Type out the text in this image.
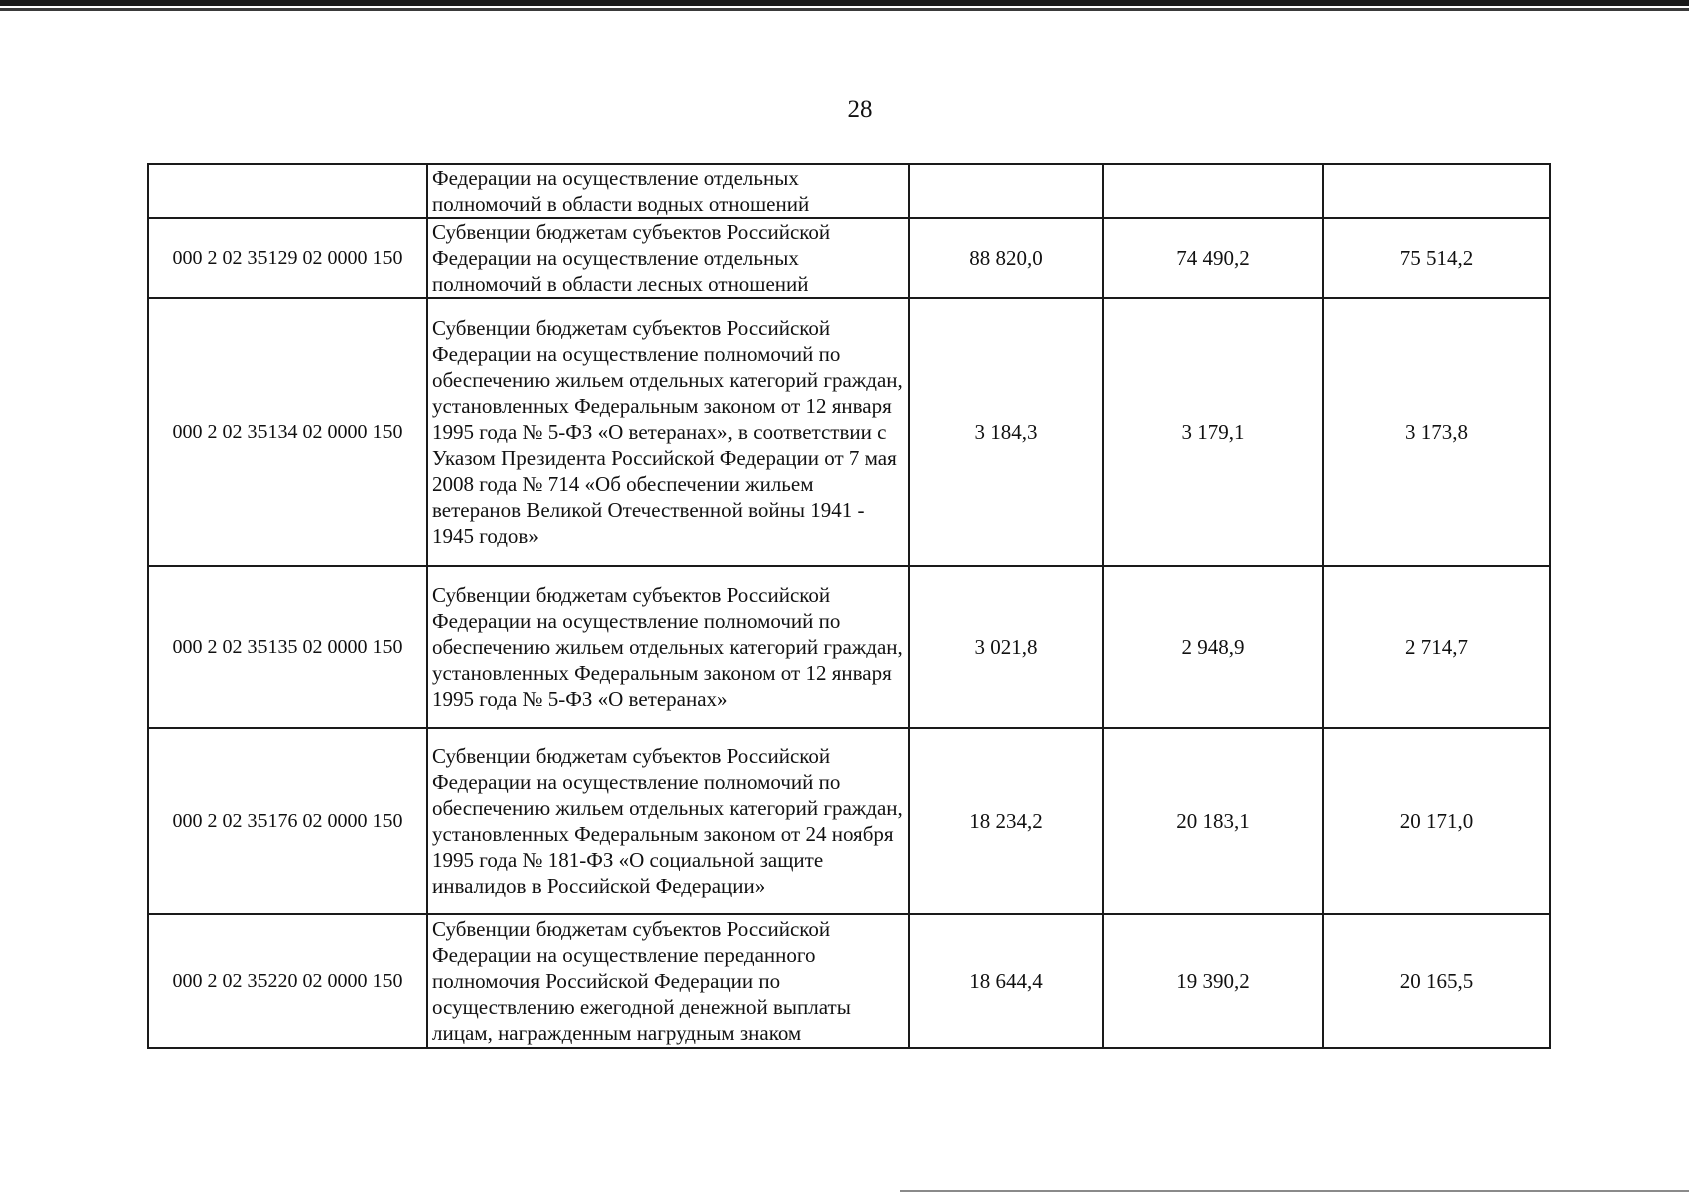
28
	Федерации на осуществление отдельных полномочий в области водных отношений			
000 2 02 35129 02 0000 150	Субвенции бюджетам субъектов Российской Федерации на осуществление отдельных полномочий в области лесных отношений	88 820,0	74 490,2	75 514,2
000 2 02 35134 02 0000 150	Субвенции бюджетам субъектов Российской Федерации на осуществление полномочий по обеспечению жильем отдельных категорий граждан, установленных Федеральным законом от 12 января 1995 года № 5-ФЗ «О ветеранах», в соответствии с Указом Президента Российской Федерации от 7 мая 2008 года № 714 «Об обеспечении жильем ветеранов Великой Отечественной войны 1941 - 1945 годов»	3 184,3	3 179,1	3 173,8
000 2 02 35135 02 0000 150	Субвенции бюджетам субъектов Российской Федерации на осуществление полномочий по обеспечению жильем отдельных категорий граждан, установленных Федеральным законом от 12 января 1995 года № 5-ФЗ «О ветеранах»	3 021,8	2 948,9	2 714,7
000 2 02 35176 02 0000 150	Субвенции бюджетам субъектов Российской Федерации на осуществление полномочий по обеспечению жильем отдельных категорий граждан, установленных Федеральным законом от 24 ноября 1995 года № 181-ФЗ «О социальной защите инвалидов в Российской Федерации»	18 234,2	20 183,1	20 171,0
000 2 02 35220 02 0000 150	Субвенции бюджетам субъектов Российской Федерации на осуществление переданного полномочия Российской Федерации по осуществлению ежегодной денежной выплаты лицам, награжденным нагрудным знаком	18 644,4	19 390,2	20 165,5
